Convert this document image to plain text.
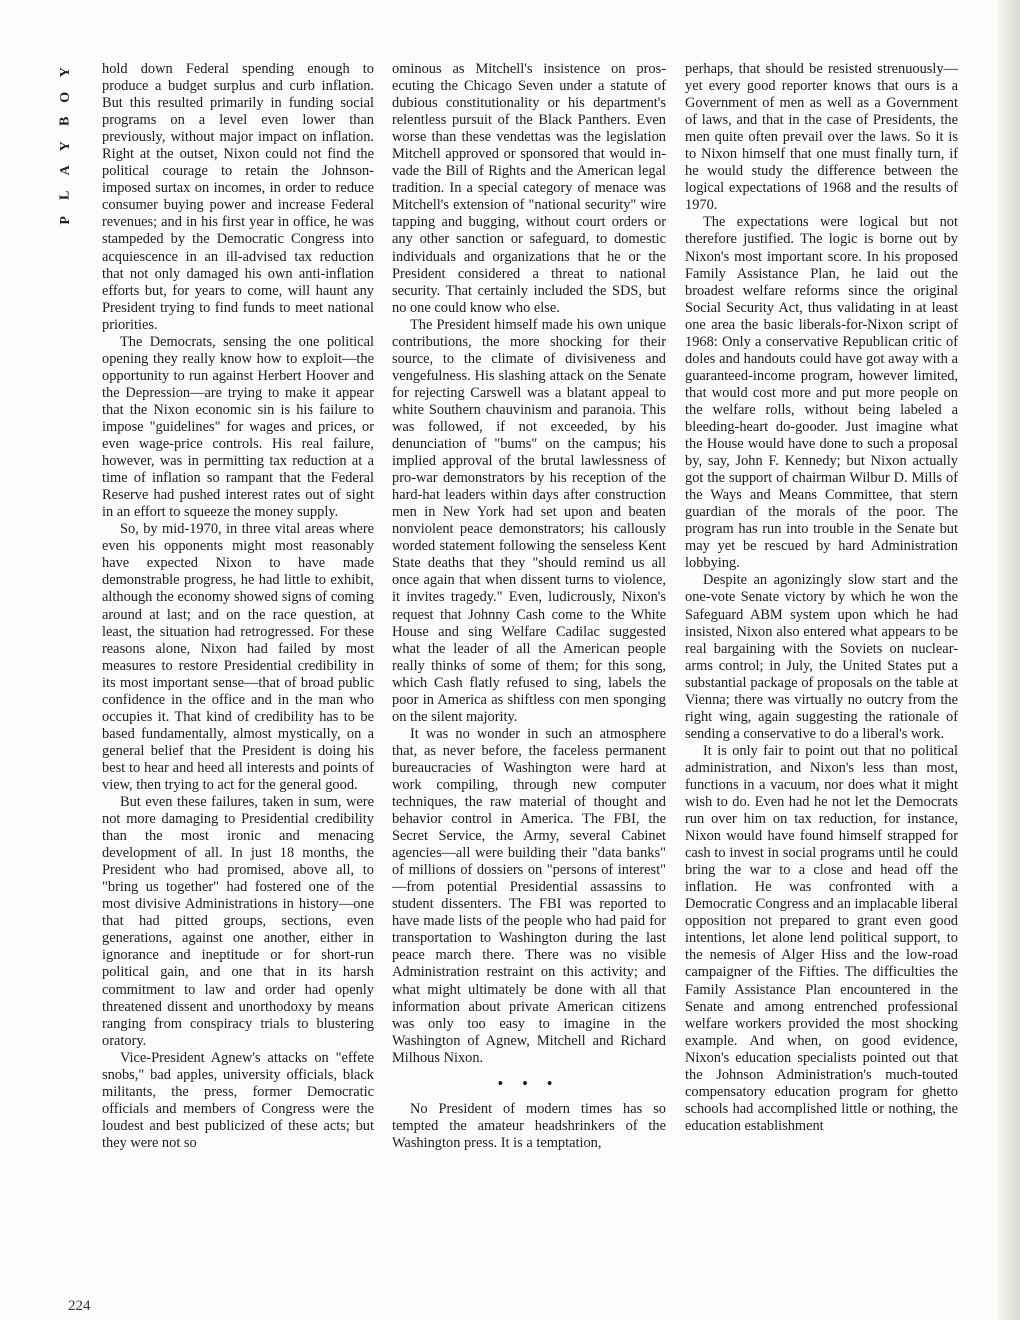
Y
O
B
Y
A
L
P

hold down Federal spending enough to produce a budget surplus and curb inflation. But this resulted primarily in funding social programs on a level even lower than previously, without major impact on inflation. Right at the outset, Nixon could not find the political courage to retain the Johnson-imposed surtax on incomes, in order to reduce consumer buying power and increase Federal revenues; and in his first year in office, he was stampeded by the Democratic Congress into acquiescence in an ill-advised tax reduction that not only damaged his own anti-inflation efforts but, for years to come, will haunt any President trying to find funds to meet national priorities.

The Democrats, sensing the one political opening they really know how to exploit—the opportunity to run against Herbert Hoover and the Depression—are trying to make it appear that the Nixon economic sin is his failure to impose "guidelines" for wages and prices, or even wage-price controls. His real failure, however, was in permitting tax reduction at a time of inflation so rampant that the Federal Reserve had pushed interest rates out of sight in an effort to squeeze the money supply.

So, by mid-1970, in three vital areas where even his opponents might most reasonably have expected Nixon to have made demonstrable progress, he had little to exhibit, although the economy showed signs of coming around at last; and on the race question, at least, the situation had retrogressed. For these reasons alone, Nixon had failed by most measures to restore Presidential credibility in its most important sense—that of broad public confidence in the office and in the man who occupies it. That kind of credibility has to be based fundamentally, almost mystically, on a general belief that the President is doing his best to hear and heed all interests and points of view, then trying to act for the general good.

But even these failures, taken in sum, were not more damaging to Presidential credibility than the most ironic and menacing development of all. In just 18 months, the President who had promised, above all, to "bring us together" had fostered one of the most divisive Administrations in history—one that had pitted groups, sections, even generations, against one another, either in ignorance and ineptitude or for short-run political gain, and one that in its harsh commitment to law and order had openly threatened dissent and unorthodoxy by means ranging from conspiracy trials to blustering oratory.

Vice-President Agnew's attacks on "effete snobs," bad apples, university officials, black militants, the press, former Democratic officials and members of Congress were the loudest and best publicized of these acts; but they were not so

ominous as Mitchell's insistence on prosecuting the Chicago Seven under a statute of dubious constitutionality or his department's relentless pursuit of the Black Panthers. Even worse than these vendettas was the legislation Mitchell approved or sponsored that would invade the Bill of Rights and the American legal tradition. In a special category of menace was Mitchell's extension of "national security" wire tapping and bugging, without court orders or any other sanction or safeguard, to domestic individuals and organizations that he or the President considered a threat to national security. That certainly included the SDS, but no one could know who else.

The President himself made his own unique contributions, the more shocking for their source, to the climate of divisiveness and vengefulness. His slashing attack on the Senate for rejecting Carswell was a blatant appeal to white Southern chauvinism and paranoia. This was followed, if not exceeded, by his denunciation of "bums" on the campus; his implied approval of the brutal lawlessness of pro-war demonstrators by his reception of the hard-hat leaders within days after construction men in New York had set upon and beaten nonviolent peace demonstrators; his callously worded statement following the senseless Kent State deaths that they "should remind us all once again that when dissent turns to violence, it invites tragedy." Even, ludicrously, Nixon's request that Johnny Cash come to the White House and sing Welfare Cadilac suggested what the leader of all the American people really thinks of some of them; for this song, which Cash flatly refused to sing, labels the poor in America as shiftless con men sponging on the silent majority.

It was no wonder in such an atmosphere that, as never before, the faceless permanent bureaucracies of Washington were hard at work compiling, through new computer techniques, the raw material of thought and behavior control in America. The FBI, the Secret Service, the Army, several Cabinet agencies—all were building their "data banks" of millions of dossiers on "persons of interest" —from potential Presidential assassins to student dissenters. The FBI was reported to have made lists of the people who had paid for transportation to Washington during the last peace march there. There was no visible Administration restraint on this activity; and what might ultimately be done with all that information about private American citizens was only too easy to imagine in the Washington of Agnew, Mitchell and Richard Milhous Nixon.

• • •

No President of modern times has so tempted the amateur headshrinkers of the Washington press. It is a temptation,

perhaps, that should be resisted strenuously—yet every good reporter knows that ours is a Government of men as well as a Government of laws, and that in the case of Presidents, the men quite often prevail over the laws. So it is to Nixon himself that one must finally turn, if he would study the difference between the logical expectations of 1968 and the results of 1970.

The expectations were logical but not therefore justified. The logic is borne out by Nixon's most important score. In his proposed Family Assistance Plan, he laid out the broadest welfare reforms since the original Social Security Act, thus validating in at least one area the basic liberals-for-Nixon script of 1968: Only a conservative Republican critic of doles and handouts could have got away with a guaranteed-income program, however limited, that would cost more and put more people on the welfare rolls, without being labeled a bleeding-heart do-gooder. Just imagine what the House would have done to such a proposal by, say, John F. Kennedy; but Nixon actually got the support of chairman Wilbur D. Mills of the Ways and Means Committee, that stern guardian of the morals of the poor. The program has run into trouble in the Senate but may yet be rescued by hard Administration lobbying.

Despite an agonizingly slow start and the one-vote Senate victory by which he won the Safeguard ABM system upon which he had insisted, Nixon also entered what appears to be real bargaining with the Soviets on nuclear-arms control; in July, the United States put a substantial package of proposals on the table at Vienna; there was virtually no outcry from the right wing, again suggesting the rationale of sending a conservative to do a liberal's work.

It is only fair to point out that no political administration, and Nixon's less than most, functions in a vacuum, nor does what it might wish to do. Even had he not let the Democrats run over him on tax reduction, for instance, Nixon would have found himself strapped for cash to invest in social programs until he could bring the war to a close and head off the inflation. He was confronted with a Democratic Congress and an implacable liberal opposition not prepared to grant even good intentions, let alone lend political support, to the nemesis of Alger Hiss and the low-road campaigner of the Fifties. The difficulties the Family Assistance Plan encountered in the Senate and among entrenched professional welfare workers provided the most shocking example. And when, on good evidence, Nixon's education specialists pointed out that the Johnson Administration's much-touted compensatory education program for ghetto schools had accomplished little or nothing, the education establishment

224
